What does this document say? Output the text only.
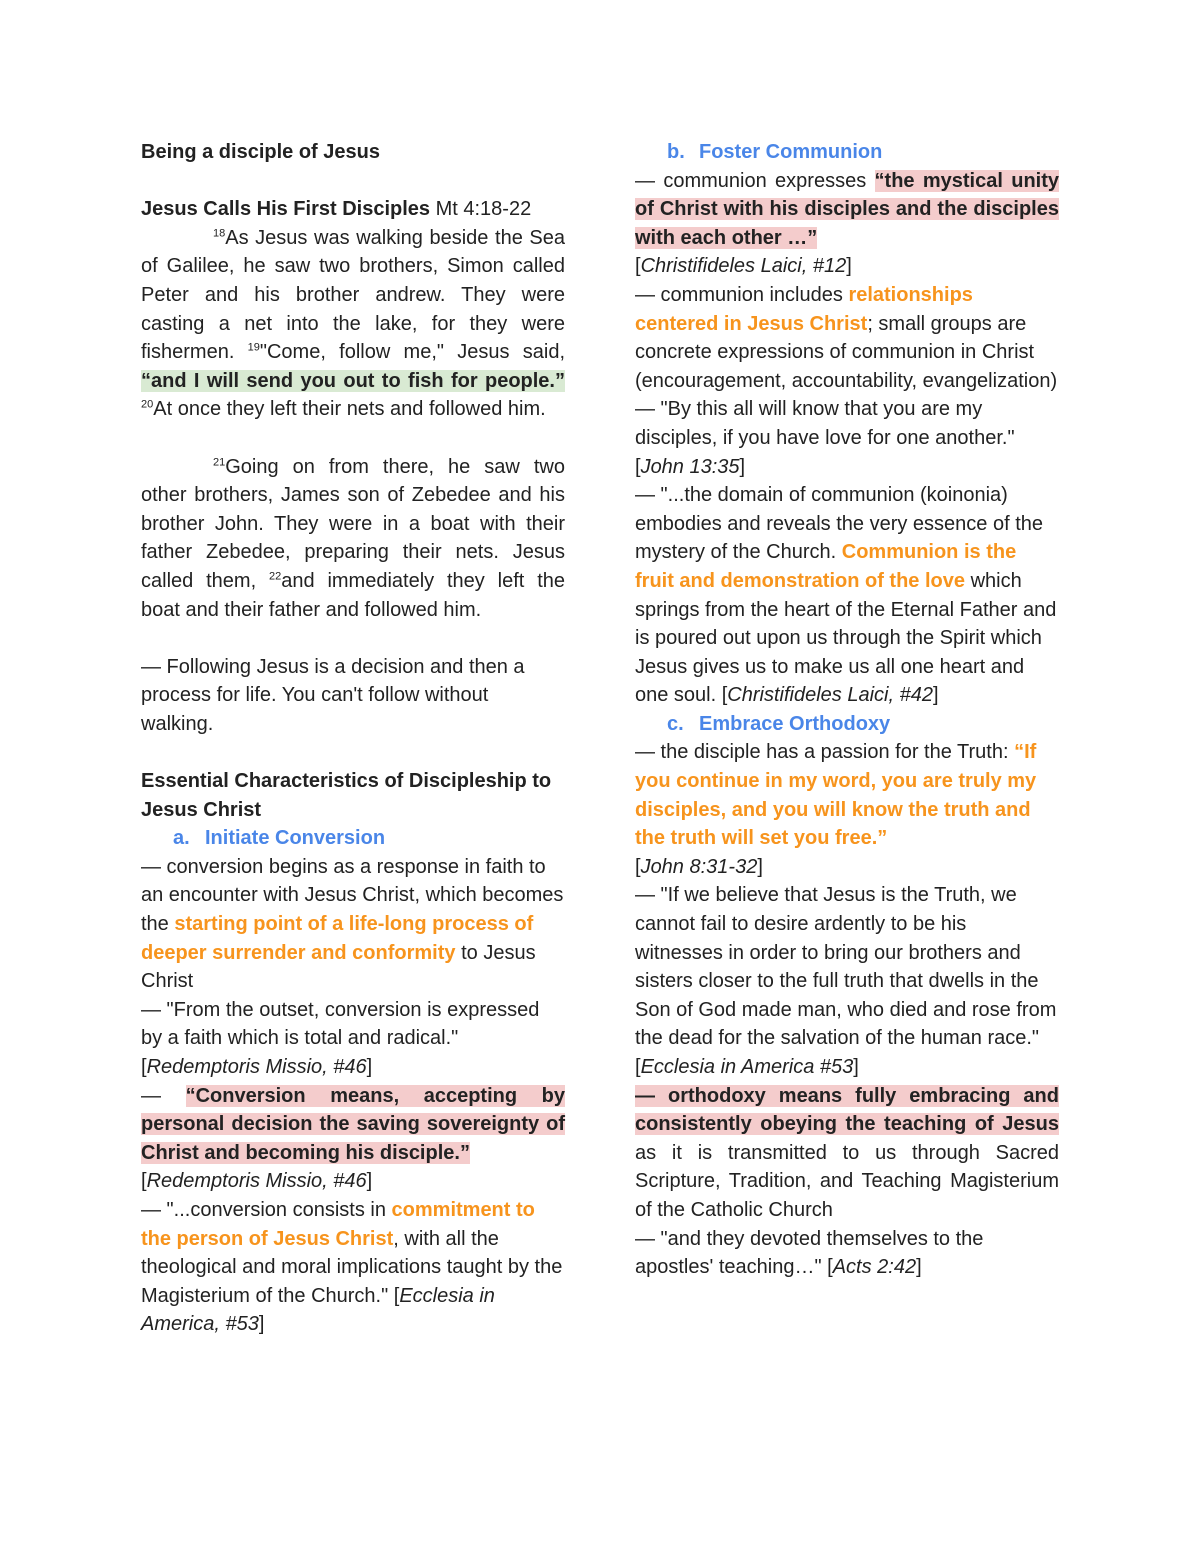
Being a disciple of Jesus

Jesus Calls His First Disciples Mt 4:18-22
$^{18}$As Jesus was walking beside the Sea of Galilee, he saw two brothers, Simon called Peter and his brother andrew. They were casting a net into the lake, for they were fishermen. $^{19}$"Come, follow me," Jesus said, “and I will send you out to fish for people.” $^{20}$At once they left their nets and followed him.

$^{21}$Going on from there, he saw two other brothers, James son of Zebedee and his brother John. They were in a boat with their father Zebedee, preparing their nets. Jesus called them, $^{22}$and immediately they left the boat and their father and followed him.

— Following Jesus is a decision and then a process for life. You can't follow without walking.

Essential Characteristics of Discipleship to Jesus Christ

a. Initiate Conversion

— conversion begins as a response in faith to an encounter with Jesus Christ, which becomes the starting point of a life-long process of deeper surrender and conformity to Jesus Christ

— "From the outset, conversion is expressed by a faith which is total and radical." [Redemptoris Missio, #46]

— “Conversion means, accepting by personal decision the saving sovereignty of Christ and becoming his disciple.”
[Redemptoris Missio, #46]

— "...conversion consists in commitment to the person of Jesus Christ, with all the theological and moral implications taught by the Magisterium of the Church." [Ecclesia in America, #53]

b. Foster Communion

— communion expresses “the mystical unity of Christ with his disciples and the disciples with each other …”
[Christifideles Laici, #12]

— communion includes relationships centered in Jesus Christ; small groups are concrete expressions of communion in Christ (encouragement, accountability, evangelization)

— "By this all will know that you are my disciples, if you have love for one another." [John 13:35]

— "...the domain of communion (koinonia) embodies and reveals the very essence of the mystery of the Church. Communion is the fruit and demonstration of the love which springs from the heart of the Eternal Father and is poured out upon us through the Spirit which Jesus gives us to make us all one heart and one soul. [Christifideles Laici, #42]

c. Embrace Orthodoxy

— the disciple has a passion for the Truth: “If you continue in my word, you are truly my disciples, and you will know the truth and the truth will set you free.”
[John 8:31-32]

— "If we believe that Jesus is the Truth, we cannot fail to desire ardently to be his witnesses in order to bring our brothers and sisters closer to the full truth that dwells in the Son of God made man, who died and rose from the dead for the salvation of the human race." [Ecclesia in America #53]

— orthodoxy means fully embracing and consistently obeying the teaching of Jesus as it is transmitted to us through Sacred Scripture, Tradition, and Teaching Magisterium of the Catholic Church

— "and they devoted themselves to the apostles' teaching…" [Acts 2:42]
